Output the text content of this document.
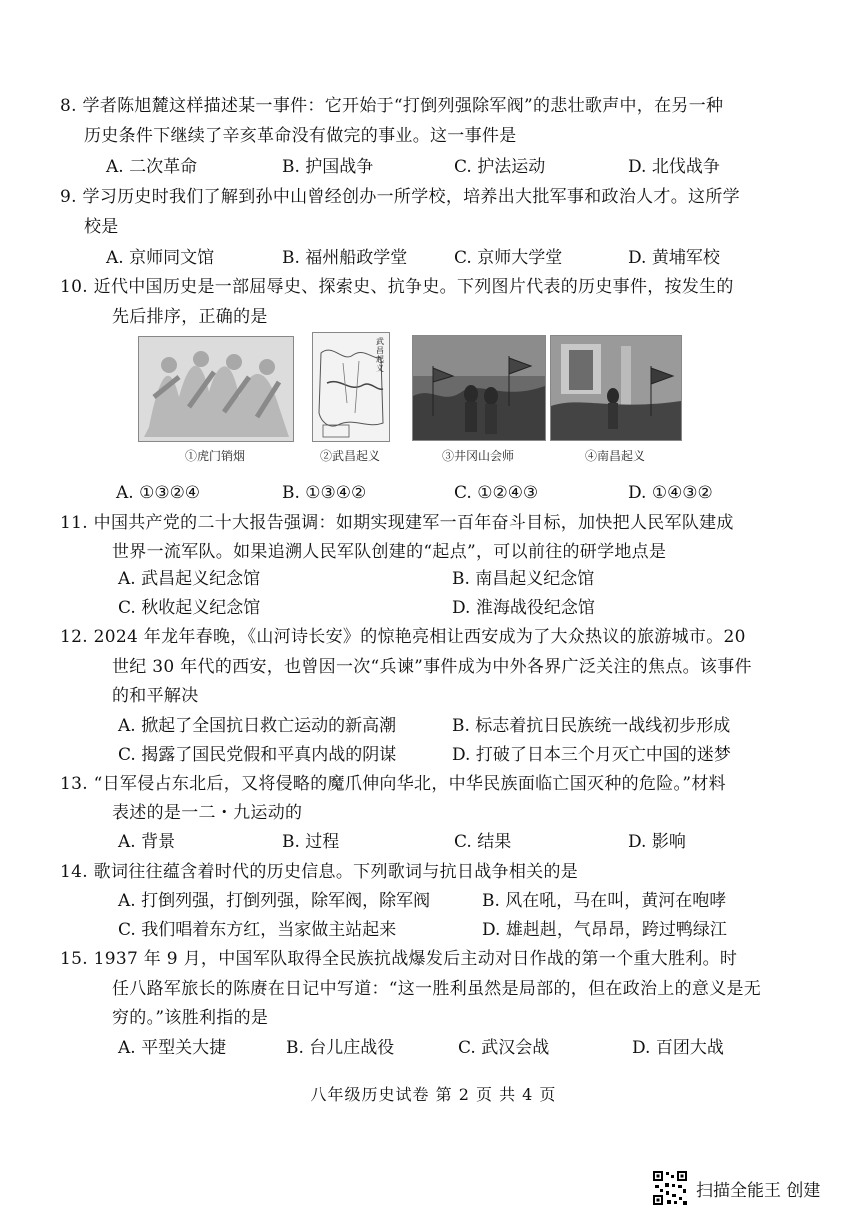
8. 学者陈旭麓这样描述某一事件：它开始于“打倒列强除军阀”的悲壮歌声中，在另一种
历史条件下继续了辛亥革命没有做完的事业。这一事件是
A. 二次革命	B. 护国战争	C. 护法运动	D. 北伐战争
9. 学习历史时我们了解到孙中山曾经创办一所学校，培养出大批军事和政治人才。这所学
校是
A. 京师同文馆	B. 福州船政学堂	C. 京师大学堂	D. 黄埔军校
10. 近代中国历史是一部屈辱史、探索史、抗争史。下列图片代表的历史事件，按发生的
先后排序，正确的是
①虎门销烟
武昌起义
②武昌起义	③井冈山会师	④南昌起义
A. ①③②④	B. ①③④②	C. ①②④③	D. ①④③②
11. 中国共产党的二十大报告强调：如期实现建军一百年奋斗目标，加快把人民军队建成
世界一流军队。如果追溯人民军队创建的“起点”，可以前往的研学地点是
A. 武昌起义纪念馆	B. 南昌起义纪念馆
C. 秋收起义纪念馆	D. 淮海战役纪念馆
12. 2024 年龙年春晚，《山河诗长安》的惊艳亮相让西安成为了大众热议的旅游城市。20
世纪 30 年代的西安，也曾因一次“兵谏”事件成为中外各界广泛关注的焦点。该事件
的和平解决
A. 掀起了全国抗日救亡运动的新高潮	B. 标志着抗日民族统一战线初步形成
C. 揭露了国民党假和平真内战的阴谋	D. 打破了日本三个月灭亡中国的迷梦
13. “日军侵占东北后，又将侵略的魔爪伸向华北，中华民族面临亡国灭种的危险。”材料
表述的是一二・九运动的
A. 背景	B. 过程	C. 结果	D. 影响
14. 歌词往往蕴含着时代的历史信息。下列歌词与抗日战争相关的是
A. 打倒列强，打倒列强，除军阀，除军阀	B. 风在吼，马在叫，黄河在咆哮
C. 我们唱着东方红，当家做主站起来	D. 雄赳赳，气昂昂，跨过鸭绿江
15. 1937 年 9 月，中国军队取得全民族抗战爆发后主动对日作战的第一个重大胜利。时
任八路军旅长的陈赓在日记中写道：“这一胜利虽然是局部的，但在政治上的意义是无
穷的。”该胜利指的是
A. 平型关大捷	B. 台儿庄战役	C. 武汉会战	D. 百团大战
八年级历史试卷 第 2 页 共 4 页
扫描全能王 创建
